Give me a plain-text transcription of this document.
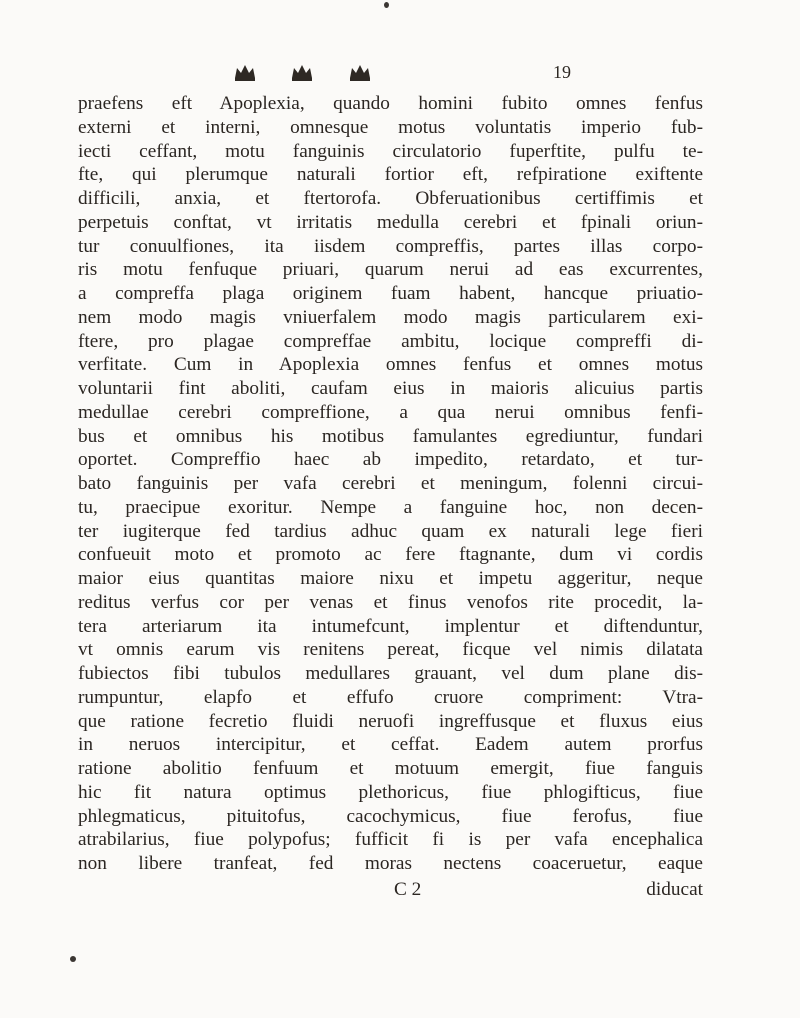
19
praefens eft Apoplexia, quando homini fubito omnes fenfus
externi et interni, omnesque motus voluntatis imperio fub-
iecti ceffant, motu fanguinis circulatorio fuperftite, pulfu te-
fte, qui plerumque naturali fortior eft, refpiratione exiftente
difficili, anxia, et ftertorofa. Obferuationibus certiffimis et
perpetuis conftat, vt irritatis medulla cerebri et fpinali oriun-
tur conuulfiones, ita iisdem compreffis, partes illas corpo-
ris motu fenfuque priuari, quarum nerui ad eas excurrentes,
a compreffa plaga originem fuam habent, hancque priuatio-
nem modo magis vniuerfalem modo magis particularem exi-
ftere, pro plagae compreffae ambitu, locique compreffi di-
verfitate. Cum in Apoplexia omnes fenfus et omnes motus
voluntarii fint aboliti, caufam eius in maioris alicuius partis
medullae cerebri compreffione, a qua nerui omnibus fenfi-
bus et omnibus his motibus famulantes egrediuntur, fundari
oportet. Compreffio haec ab impedito, retardato, et tur-
bato fanguinis per vafa cerebri et meningum, folenni circui-
tu, praecipue exoritur. Nempe a fanguine hoc, non decen-
ter iugiterque fed tardius adhuc quam ex naturali lege fieri
confueuit moto et promoto ac fere ftagnante, dum vi cordis
maior eius quantitas maiore nixu et impetu aggeritur, neque
reditus verfus cor per venas et finus venofos rite procedit, la-
tera arteriarum ita intumefcunt, implentur et diftenduntur,
vt omnis earum vis renitens pereat, ficque vel nimis dilatata
fubiectos fibi tubulos medullares grauant, vel dum plane dis-
rumpuntur, elapfo et effufo cruore compriment: Vtra-
que ratione fecretio fluidi neruofi ingreffusque et fluxus eius
in neruos intercipitur, et ceffat. Eadem autem prorfus
ratione abolitio fenfuum et motuum emergit, fiue fanguis
hic fit natura optimus plethoricus, fiue phlogifticus, fiue
phlegmaticus, pituitofus, cacochymicus, fiue ferofus, fiue
atrabilarius, fiue polypofus; fufficit fi is per vafa encephalica
non libere tranfeat, fed moras nectens coaceruetur, eaque
C 2	diducat
